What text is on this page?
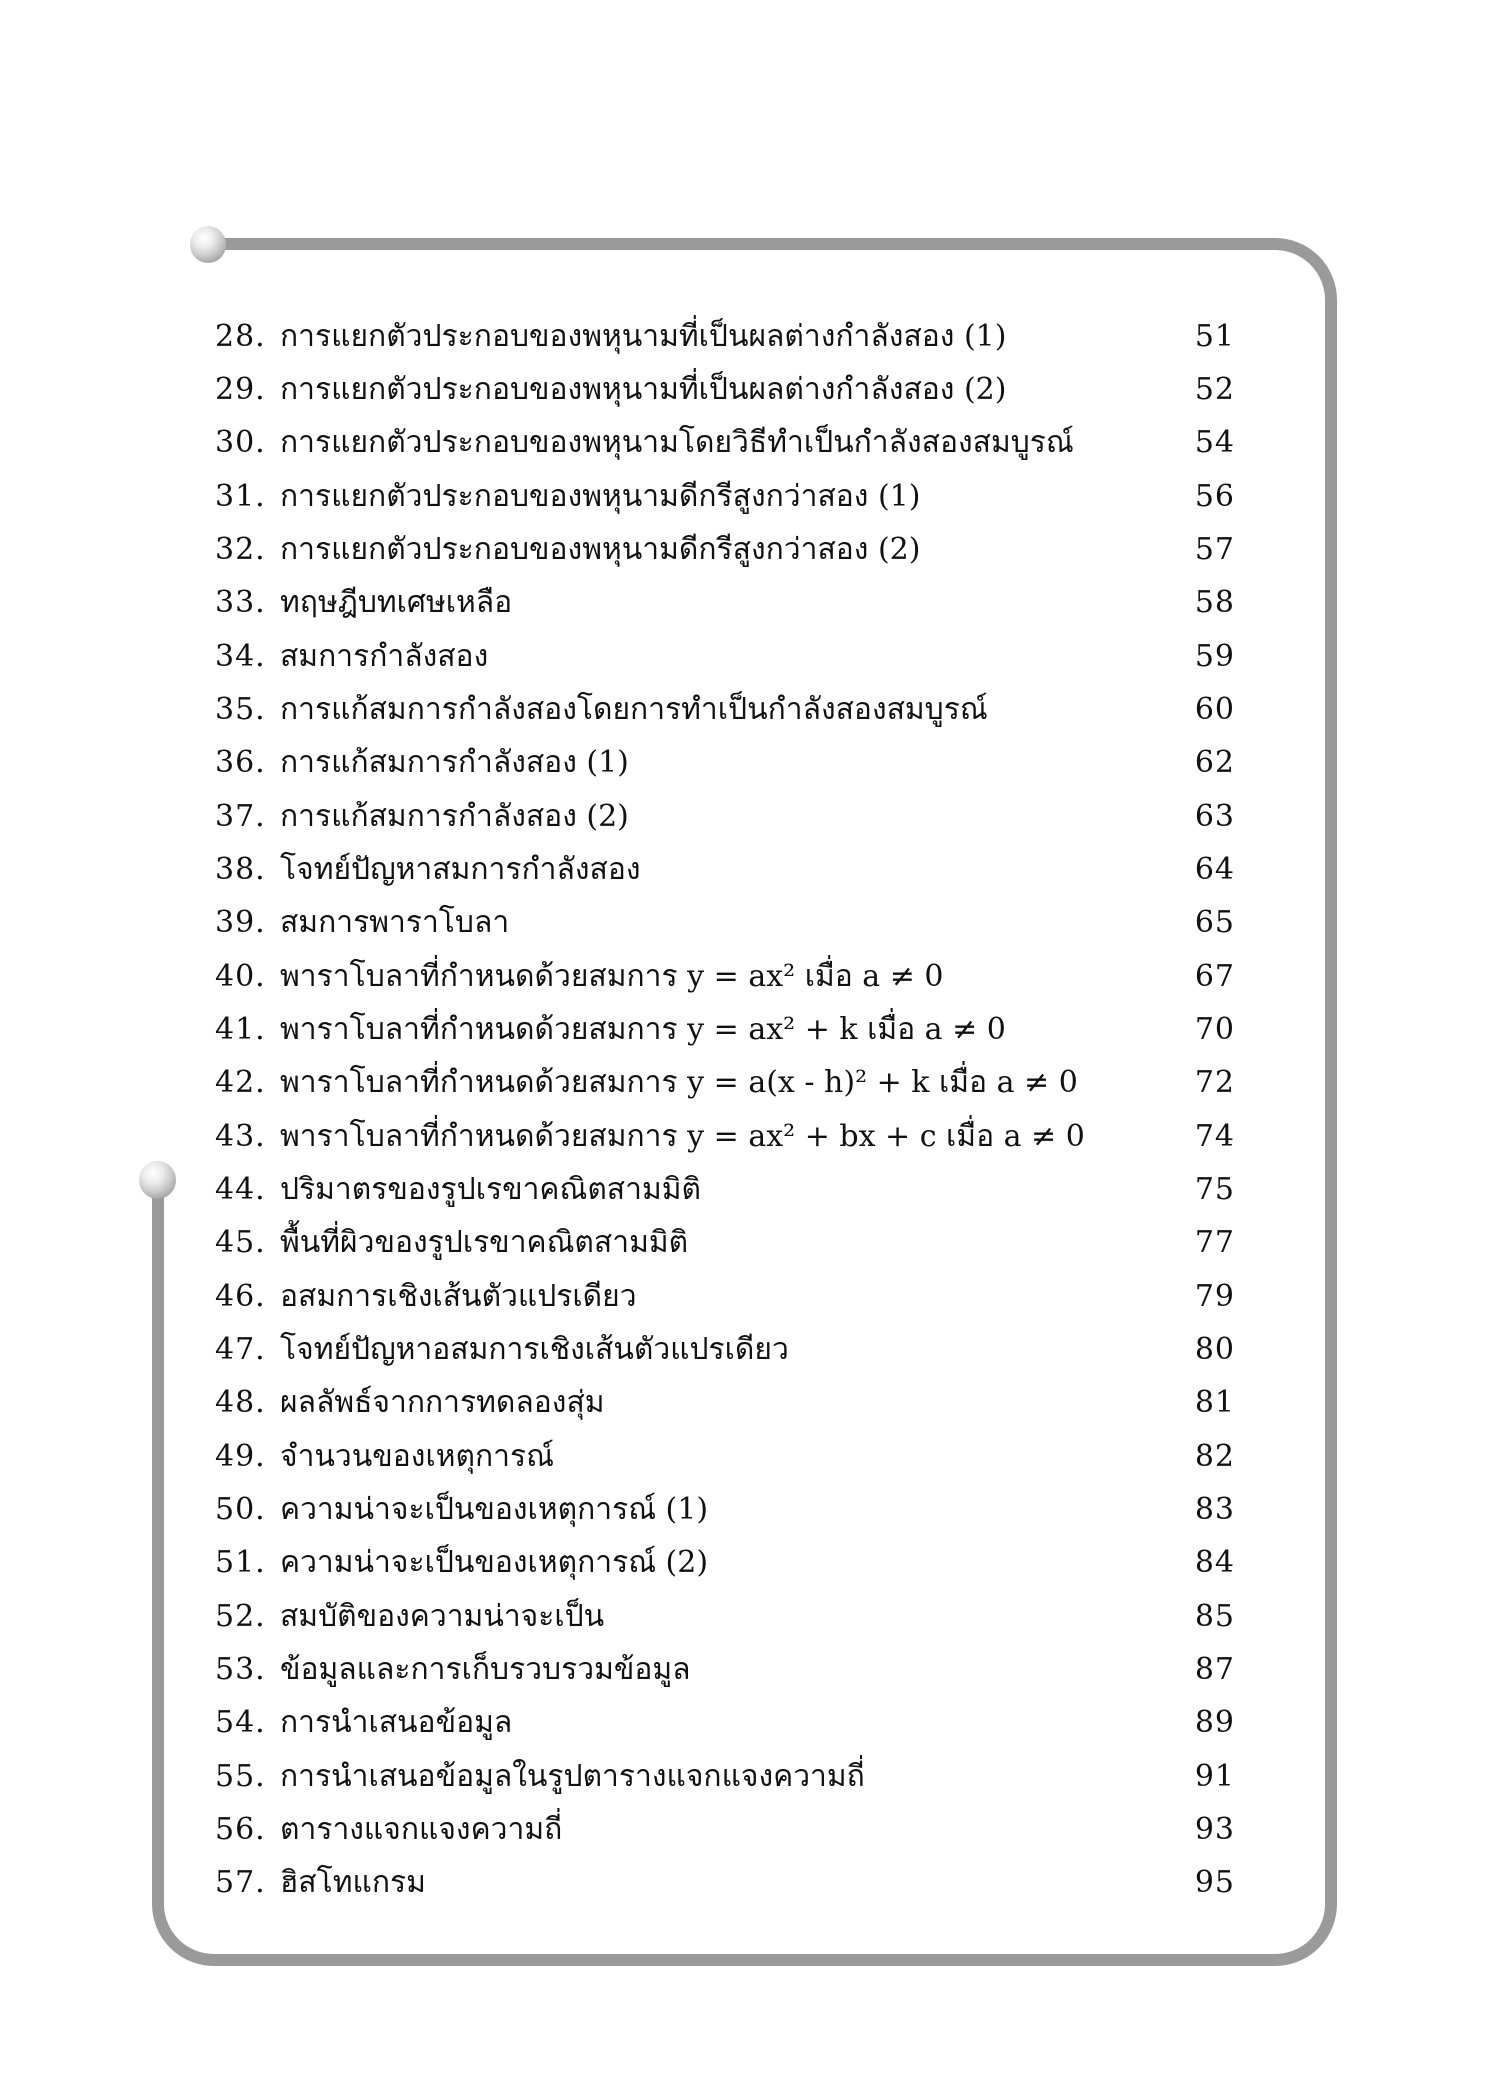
28. การแยกตัวประกอบของพหุนามที่เป็นผลต่างกำลังสอง (1)	51
29. การแยกตัวประกอบของพหุนามที่เป็นผลต่างกำลังสอง (2)	52
30. การแยกตัวประกอบของพหุนามโดยวิธีทำเป็นกำลังสองสมบูรณ์	54
31. การแยกตัวประกอบของพหุนามดีกรีสูงกว่าสอง (1)	56
32. การแยกตัวประกอบของพหุนามดีกรีสูงกว่าสอง (2)	57
33. ทฤษฎีบทเศษเหลือ	58
34. สมการกำลังสอง	59
35. การแก้สมการกำลังสองโดยการทำเป็นกำลังสองสมบูรณ์	60
36. การแก้สมการกำลังสอง (1)	62
37. การแก้สมการกำลังสอง (2)	63
38. โจทย์ปัญหาสมการกำลังสอง	64
39. สมการพาราโบลา	65
40. พาราโบลาที่กำหนดด้วยสมการ y = ax² เมื่อ a ≠ 0	67
41. พาราโบลาที่กำหนดด้วยสมการ y = ax² + k เมื่อ a ≠ 0	70
42. พาราโบลาที่กำหนดด้วยสมการ y = a(x - h)² + k เมื่อ a ≠ 0	72
43. พาราโบลาที่กำหนดด้วยสมการ y = ax² + bx + c เมื่อ a ≠ 0	74
44. ปริมาตรของรูปเรขาคณิตสามมิติ	75
45. พื้นที่ผิวของรูปเรขาคณิตสามมิติ	77
46. อสมการเชิงเส้นตัวแปรเดียว	79
47. โจทย์ปัญหาอสมการเชิงเส้นตัวแปรเดียว	80
48. ผลลัพธ์จากการทดลองสุ่ม	81
49. จำนวนของเหตุการณ์	82
50. ความน่าจะเป็นของเหตุการณ์ (1)	83
51. ความน่าจะเป็นของเหตุการณ์ (2)	84
52. สมบัติของความน่าจะเป็น	85
53. ข้อมูลและการเก็บรวบรวมข้อมูล	87
54. การนำเสนอข้อมูล	89
55. การนำเสนอข้อมูลในรูปตารางแจกแจงความถี่	91
56. ตารางแจกแจงความถี่	93
57. ฮิสโทแกรม	95
